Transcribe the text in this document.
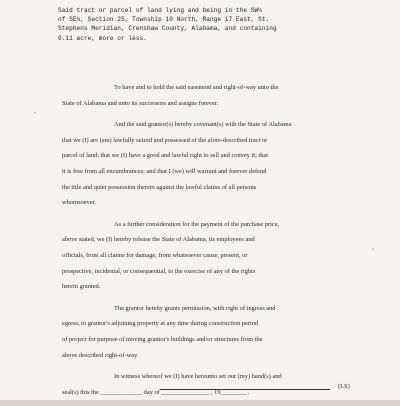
Said tract or parcel of land lying and being in the SW¼

of SE¼, Section 25, Township 10 North, Range 17 East, St.

Stephens Meridian, Crenshaw County, Alabama, and containing

0.11 acre, more or less.

To have and to hold the said easement and right-of-way unto the
State of Alabama and unto its successors and assigns forever.
And the said grantor(s) hereby covenant(s) with the State of Alabama
that we (I) are (am) lawfully seized and possessed of the afore-described tract or
parcel of land; that we (I) have a good and lawful right to sell and convey it; that
it is free from all encumbrances; and that I (we) will warrant and forever defend
the title and quiet possession thereto against the lawful claims of all persons
whomsoever.
As a further consideration for the payment of the purchase price,
above stated, we (I) hereby release the State of Alabama, its employees and
officials, from all claims for damage, from whatsoever cause, present, or
prospective, incidental, or consequential, to the exercise of any of the rights
herein granted.
The grantor hereby grants permission, with right of ingress and
egress, to grantor's adjoining property at any time during construction period
of project for purpose of moving grantor's buildings and/or structures from the
above described right-of-way.
In witness whereof we (I) have hereunto set our (my) hand(s) and
seal(s) this the _____________ day of _______________ , 19________ .
(LS)
